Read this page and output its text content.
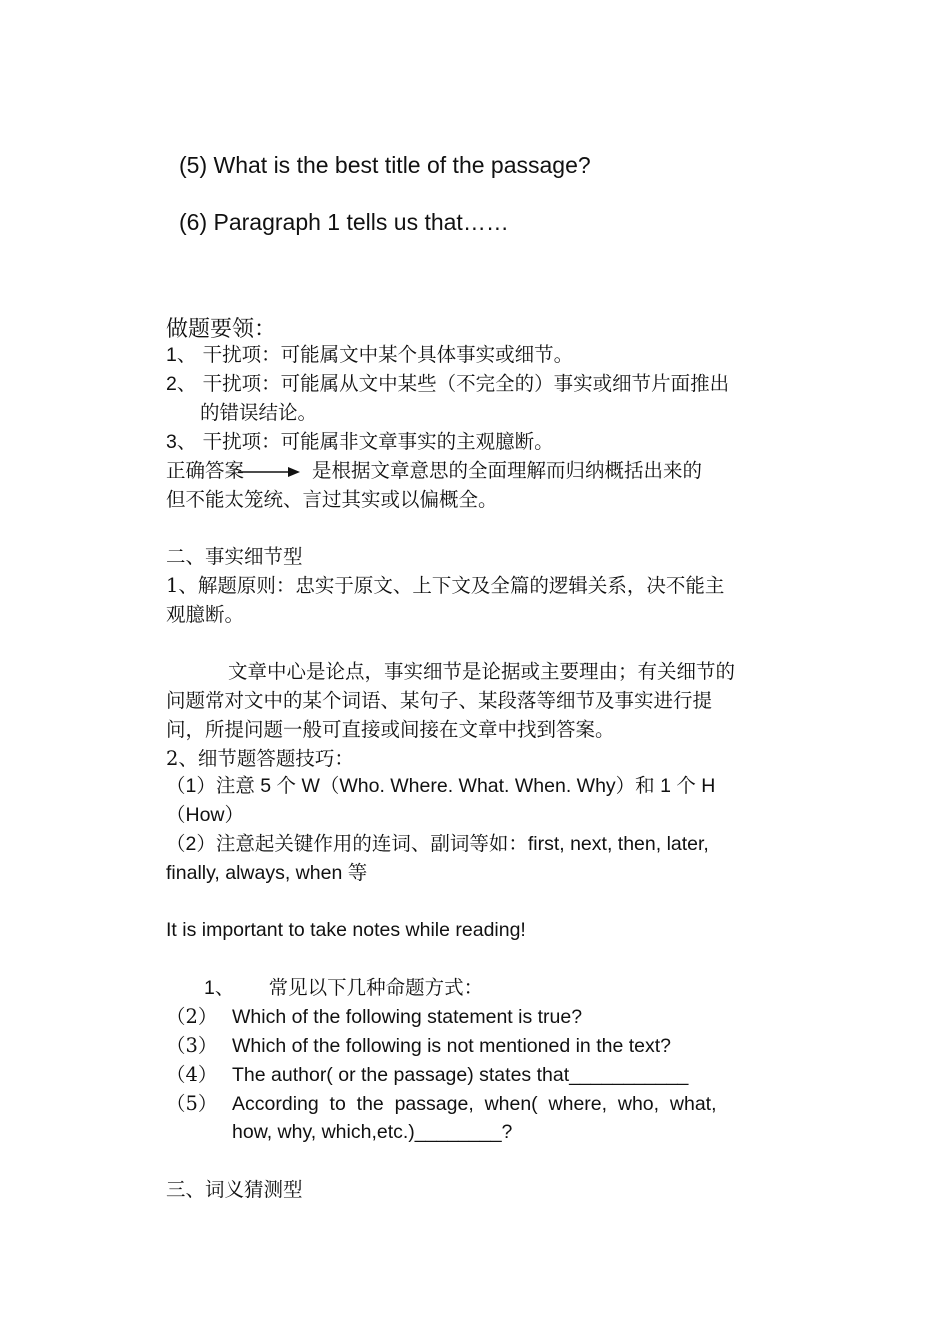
(5) What is the best title of the passage?
(6) Paragraph 1 tells us that……
做题要领：
1、 干扰项：可能属文中某个具体事实或细节。
2、 干扰项：可能属从文中某些（不完全的）事实或细节片面推出
的错误结论。
3、 干扰项：可能属非文章事实的主观臆断。
正确答案	是根据文章意思的全面理解而归纳概括出来的
但不能太笼统、言过其实或以偏概全。
二、事实细节型
1、解题原则：忠实于原文、上下文及全篇的逻辑关系，决不能主
观臆断。
文章中心是论点，事实细节是论据或主要理由；有关细节的
问题常对文中的某个词语、某句子、某段落等细节及事实进行提
问，所提问题一般可直接或间接在文章中找到答案。
2、细节题答题技巧：
（1）注意 5 个 W（Who. Where. What. When. Why）和 1 个 H
（How）
（2）注意起关键作用的连词、副词等如：first, next, then, later,
finally, always, when 等
It is important to take notes while reading!
1、 常见以下几种命题方式：
（2） Which of the following statement is true?
（3） Which of the following is not mentioned in the text?
（4） The author( or the passage) states that___________
（5） According  to  the  passage,  when(  where,  who,  what,
how, why, which,etc.)________?
三、词义猜测型
